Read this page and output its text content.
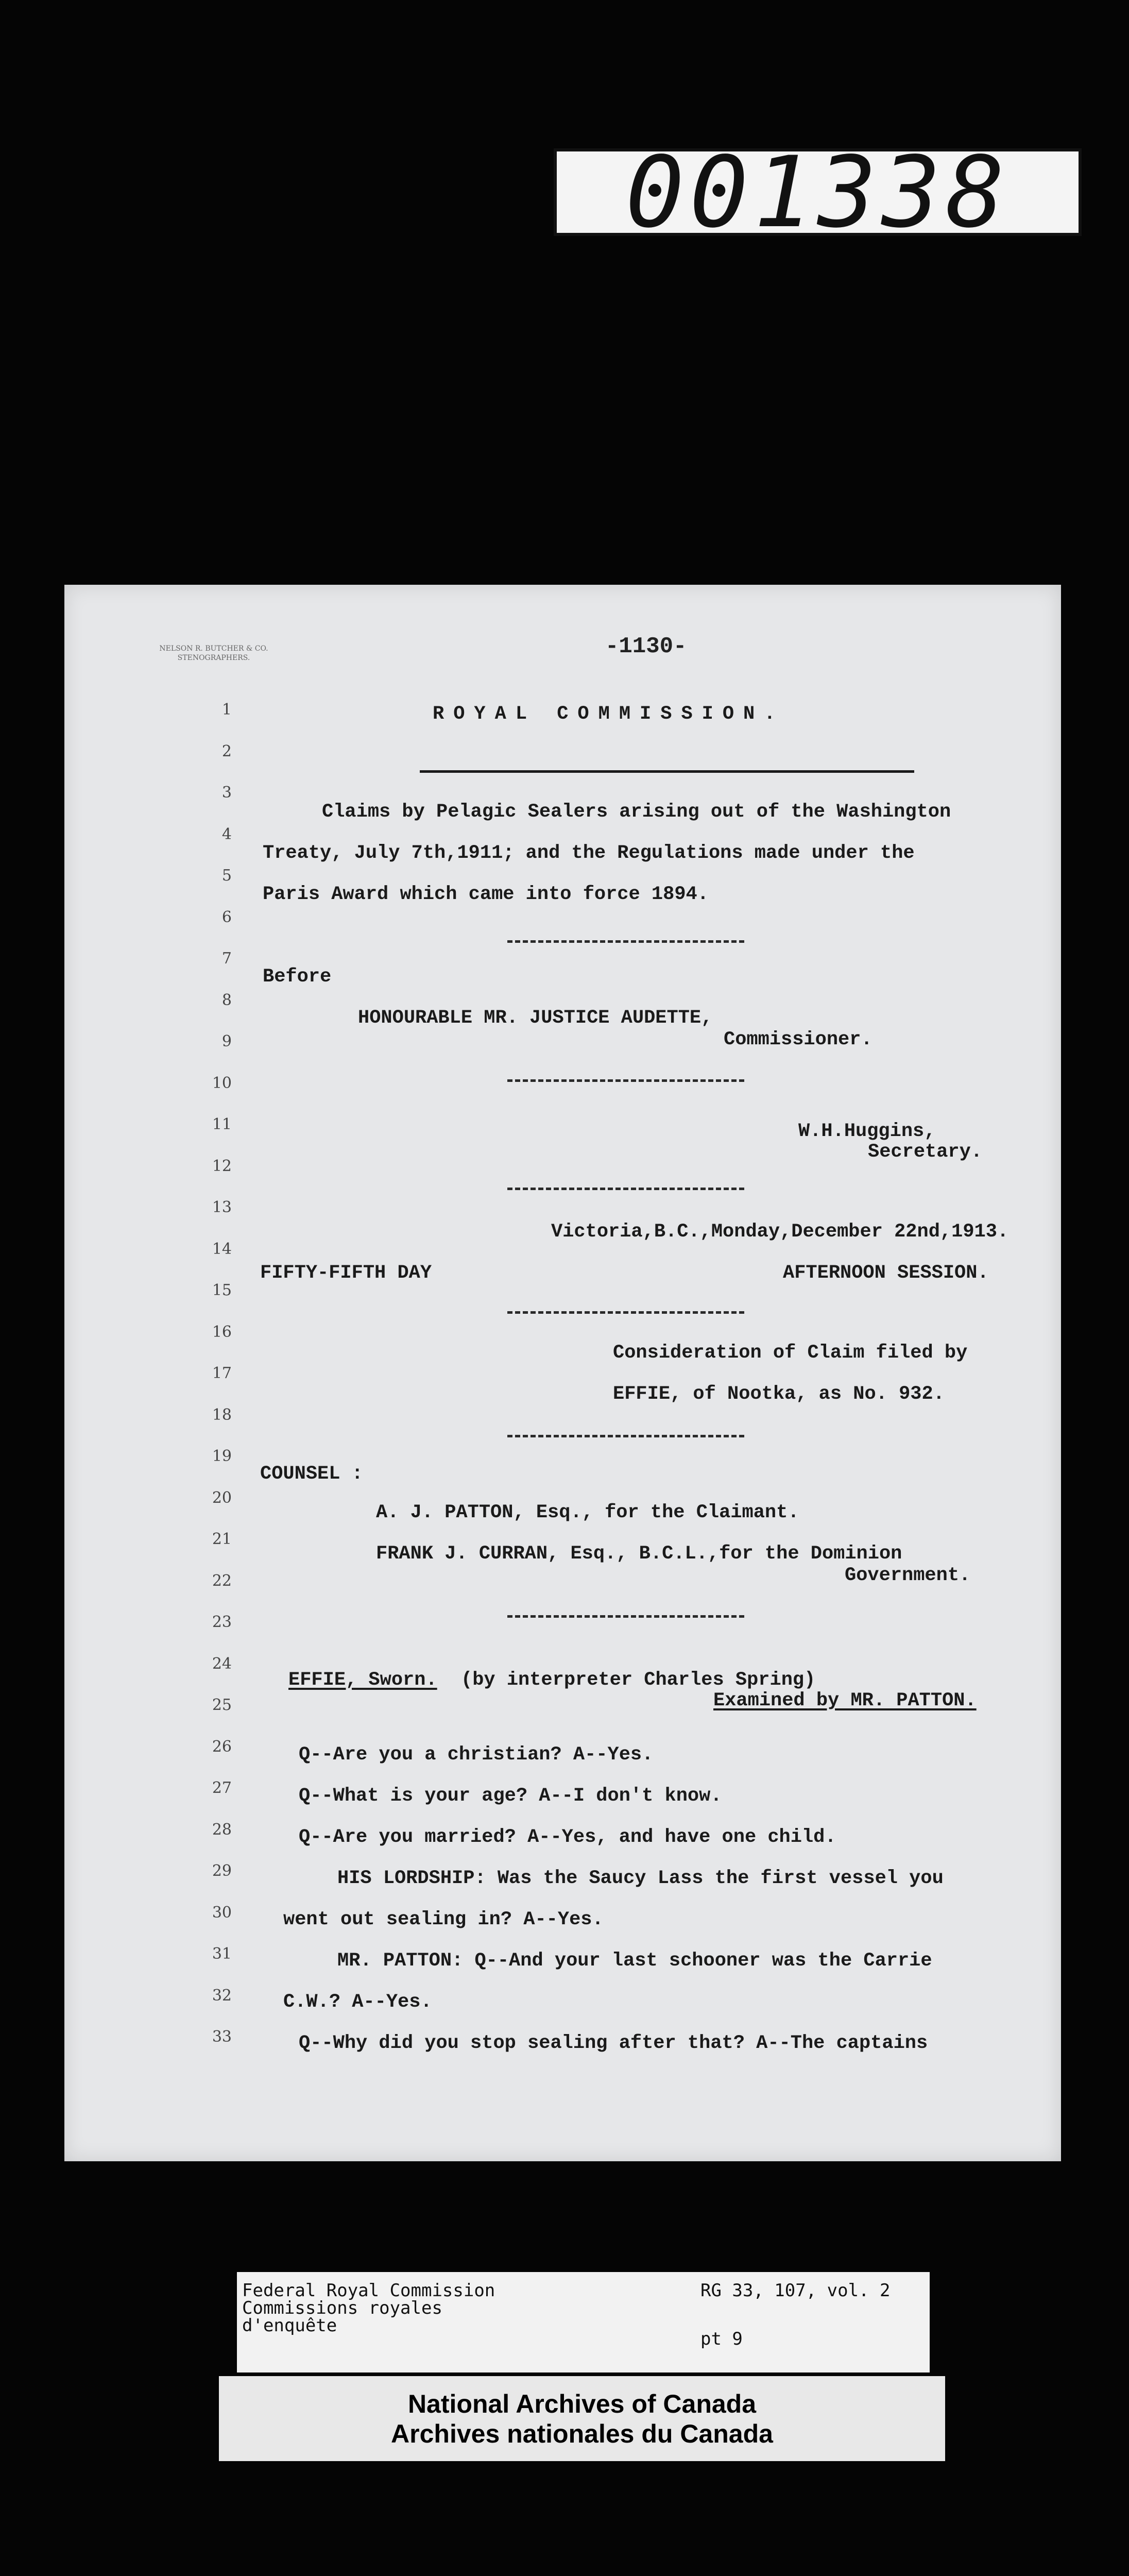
001338
NELSON R. BUTCHER & CO. STENOGRAPHERS.	-1130-
1
2
3
4
5
6
7
8
9
10
11
12
13
14
15
16
17
18
19
20
21
22
23
24
25
26
27
28
29
30
31
32
33
ROYAL COMMISSION.
Claims by Pelagic Sealers arising out of the Washington
Treaty, July 7th,1911; and the Regulations made under the
Paris Award which came into force 1894.
Before
HONOURABLE MR. JUSTICE AUDETTE,
Commissioner.
W.H.Huggins,
Secretary.
Victoria,B.C.,Monday,December 22nd,1913.
FIFTY-FIFTH DAY	AFTERNOON SESSION.
Consideration of Claim filed by
EFFIE, of Nootka, as No. 932.
COUNSEL :
A. J. PATTON, Esq., for the Claimant.
FRANK J. CURRAN, Esq., B.C.L.,for the Dominion
Government.
EFFIE, Sworn. (by interpreter Charles Spring)
Examined by MR. PATTON.
Q--Are you a christian? A--Yes.
Q--What is your age? A--I don't know.
Q--Are you married? A--Yes, and have one child.
HIS LORDSHIP: Was the Saucy Lass the first vessel you
went out sealing in? A--Yes.
MR. PATTON: Q--And your last schooner was the Carrie
C.W.? A--Yes.
Q--Why did you stop sealing after that? A--The captains
Federal Royal Commission
Commissions royales
d'enquête
RG 33, 107, vol. 2
pt 9
National Archives of Canada
Archives nationales du Canada
